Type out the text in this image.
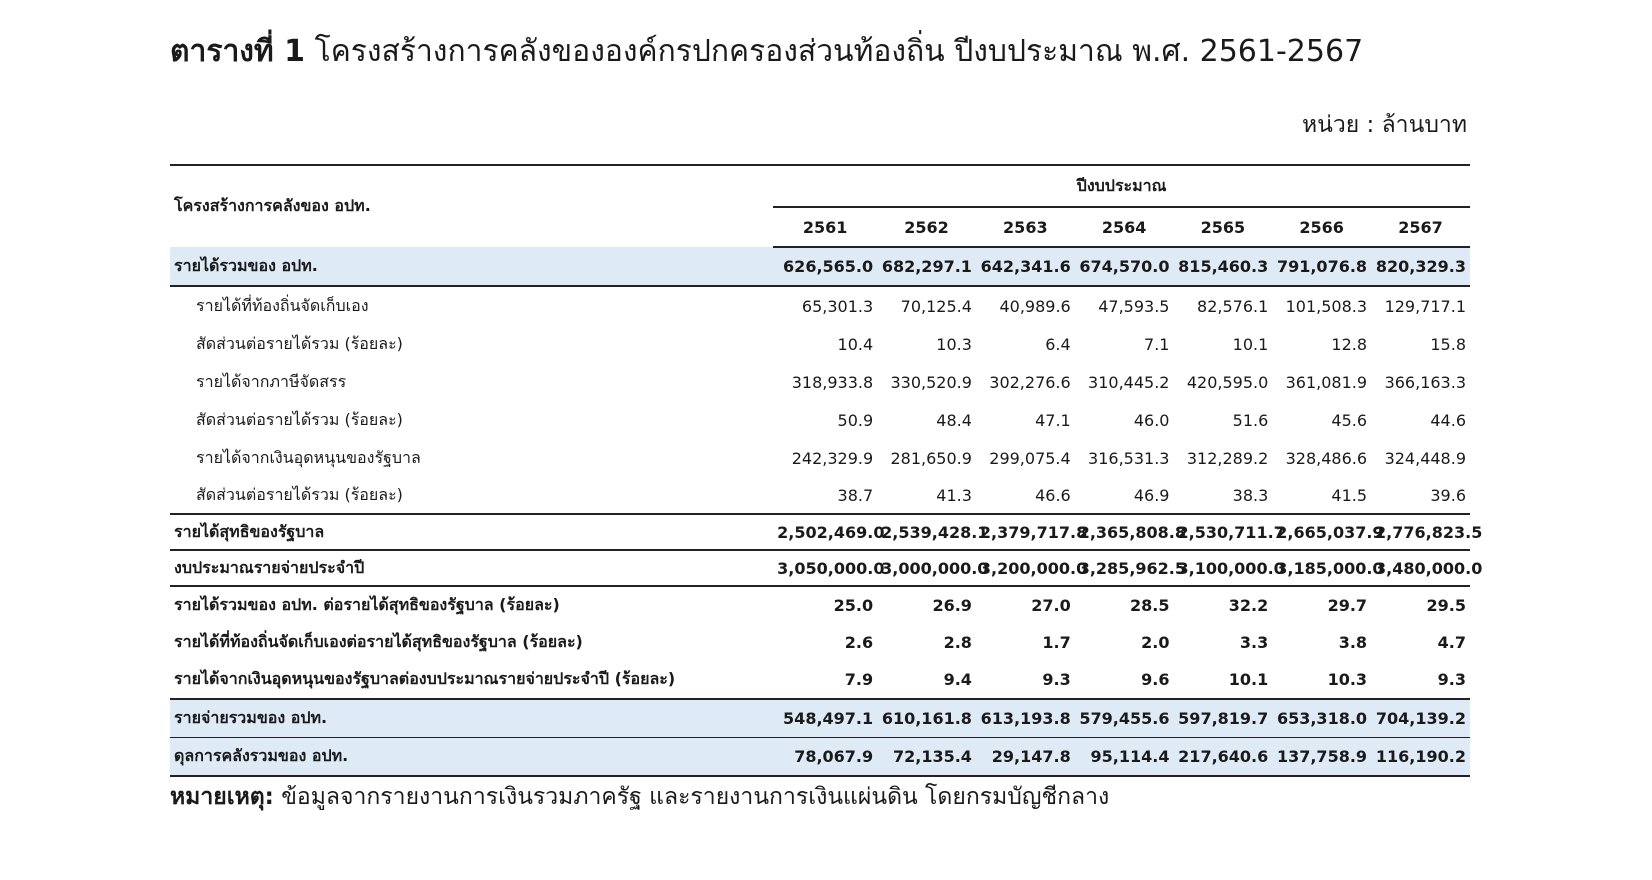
ตารางที่ 1 โครงสร้างการคลังขององค์กรปกครองส่วนท้องถิ่น ปีงบประมาณ พ.ศ. 2561-2567
หน่วย : ล้านบาท
โครงสร้างการคลังของ อปท.	ปีงบประมาณ						
	2561	2562	2563	2564	2565	2566	2567
รายได้รวมของ อปท.	626,565.0	682,297.1	642,341.6	674,570.0	815,460.3	791,076.8	820,329.3
รายได้ที่ท้องถิ่นจัดเก็บเอง	65,301.3	70,125.4	40,989.6	47,593.5	82,576.1	101,508.3	129,717.1
สัดส่วนต่อรายได้รวม (ร้อยละ)	10.4	10.3	6.4	7.1	10.1	12.8	15.8
รายได้จากภาษีจัดสรร	318,933.8	330,520.9	302,276.6	310,445.2	420,595.0	361,081.9	366,163.3
สัดส่วนต่อรายได้รวม (ร้อยละ)	50.9	48.4	47.1	46.0	51.6	45.6	44.6
รายได้จากเงินอุดหนุนของรัฐบาล	242,329.9	281,650.9	299,075.4	316,531.3	312,289.2	328,486.6	324,448.9
สัดส่วนต่อรายได้รวม (ร้อยละ)	38.7	41.3	46.6	46.9	38.3	41.5	39.6
รายได้สุทธิของรัฐบาล	2,502,469.0	2,539,428.1	2,379,717.8	2,365,808.8	2,530,711.7	2,665,037.9	2,776,823.5
งบประมาณรายจ่ายประจำปี	3,050,000.0	3,000,000.0	3,200,000.0	3,285,962.5	3,100,000.0	3,185,000.0	3,480,000.0
รายได้รวมของ อปท. ต่อรายได้สุทธิของรัฐบาล (ร้อยละ)	25.0	26.9	27.0	28.5	32.2	29.7	29.5
รายได้ที่ท้องถิ่นจัดเก็บเองต่อรายได้สุทธิของรัฐบาล (ร้อยละ)	2.6	2.8	1.7	2.0	3.3	3.8	4.7
รายได้จากเงินอุดหนุนของรัฐบาลต่องบประมาณรายจ่ายประจำปี (ร้อยละ)	7.9	9.4	9.3	9.6	10.1	10.3	9.3
รายจ่ายรวมของ อปท.	548,497.1	610,161.8	613,193.8	579,455.6	597,819.7	653,318.0	704,139.2
ดุลการคลังรวมของ อปท.	78,067.9	72,135.4	29,147.8	95,114.4	217,640.6	137,758.9	116,190.2
หมายเหตุ: ข้อมูลจากรายงานการเงินรวมภาครัฐ และรายงานการเงินแผ่นดิน โดยกรมบัญชีกลาง
